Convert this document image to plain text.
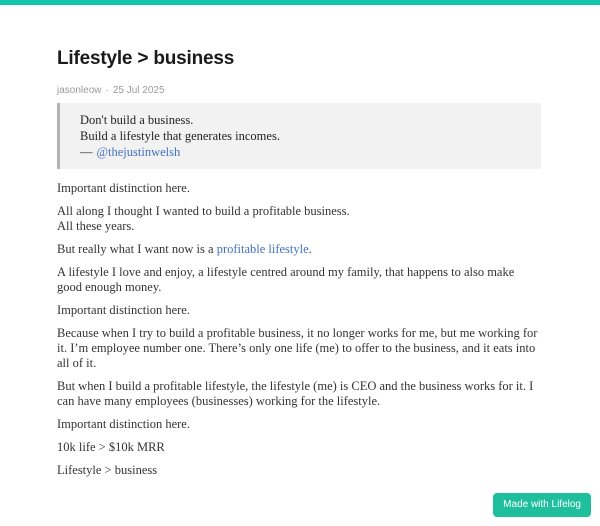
Lifestyle > business
jasonleow · 25 Jul 2025
Don't build a business.
Build a lifestyle that generates incomes.
— @thejustinwelsh

Important distinction here.

All along I thought I wanted to build a profitable business.
All these years.

But really what I want now is a profitable lifestyle.

A lifestyle I love and enjoy, a lifestyle centred around my family, that happens to also make good enough money.

Important distinction here.

Because when I try to build a profitable business, it no longer works for me, but me working for it. I’m employee number one. There’s only one life (me) to offer to the business, and it eats into all of it.

But when I build a profitable lifestyle, the lifestyle (me) is CEO and the business works for it. I can have many employees (businesses) working for the lifestyle.

Important distinction here.

10k life > $10k MRR

Lifestyle > business

Made with Lifelog
